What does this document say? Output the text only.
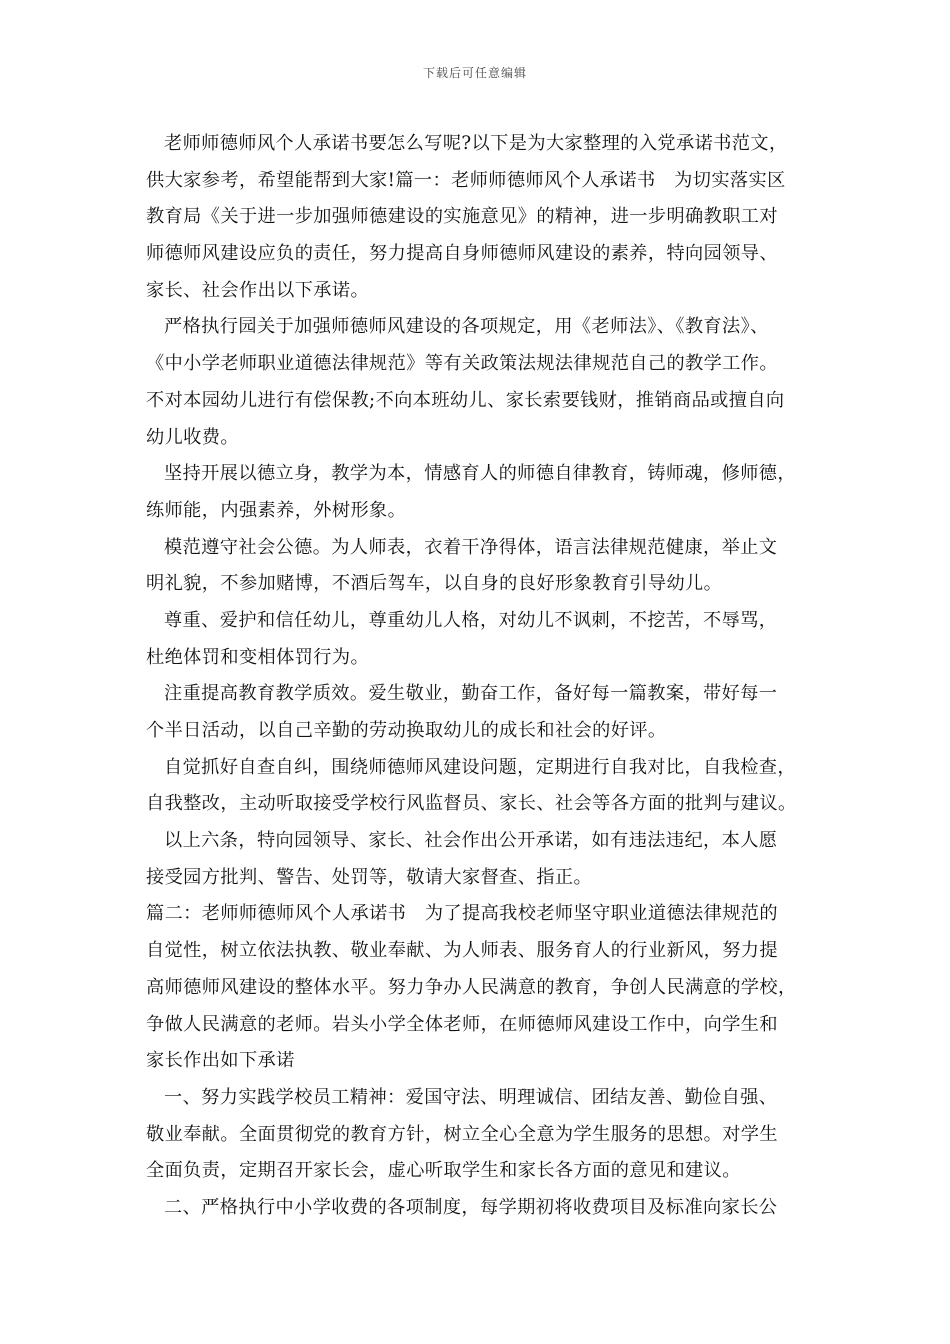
下载后可任意编辑
老师师德师风个人承诺书要怎么写呢?以下是为大家整理的入党承诺书范文，
供大家参考，希望能帮到大家!篇一：老师师德师风个人承诺书　为切实落实区
教育局《关于进一步加强师德建设的实施意见》的精神，进一步明确教职工对
师德师风建设应负的责任，努力提高自身师德师风建设的素养，特向园领导、
家长、社会作出以下承诺。
严格执行园关于加强师德师风建设的各项规定，用《老师法》、《教育法》、
《中小学老师职业道德法律规范》等有关政策法规法律规范自己的教学工作。
不对本园幼儿进行有偿保教;不向本班幼儿、家长索要钱财，推销商品或擅自向
幼儿收费。
坚持开展以德立身，教学为本，情感育人的师德自律教育，铸师魂，修师德，
练师能，内强素养，外树形象。
模范遵守社会公德。为人师表，衣着干净得体，语言法律规范健康，举止文
明礼貌，不参加赌博，不酒后驾车，以自身的良好形象教育引导幼儿。
尊重、爱护和信任幼儿，尊重幼儿人格，对幼儿不讽刺，不挖苦，不辱骂，
杜绝体罚和变相体罚行为。
注重提高教育教学质效。爱生敬业，勤奋工作，备好每一篇教案，带好每一
个半日活动，以自己辛勤的劳动换取幼儿的成长和社会的好评。
自觉抓好自查自纠，围绕师德师风建设问题，定期进行自我对比，自我检查，
自我整改，主动听取接受学校行风监督员、家长、社会等各方面的批判与建议。
以上六条，特向园领导、家长、社会作出公开承诺，如有违法违纪，本人愿
接受园方批判、警告、处罚等，敬请大家督查、指正。
篇二：老师师德师风个人承诺书　为了提高我校老师坚守职业道德法律规范的
自觉性，树立依法执教、敬业奉献、为人师表、服务育人的行业新风，努力提
高师德师风建设的整体水平。努力争办人民满意的教育，争创人民满意的学校，
争做人民满意的老师。岩头小学全体老师，在师德师风建设工作中，向学生和
家长作出如下承诺
一、努力实践学校员工精神：爱国守法、明理诚信、团结友善、勤俭自强、
敬业奉献。全面贯彻党的教育方针，树立全心全意为学生服务的思想。对学生
全面负责，定期召开家长会，虚心听取学生和家长各方面的意见和建议。
二、严格执行中小学收费的各项制度，每学期初将收费项目及标准向家长公
